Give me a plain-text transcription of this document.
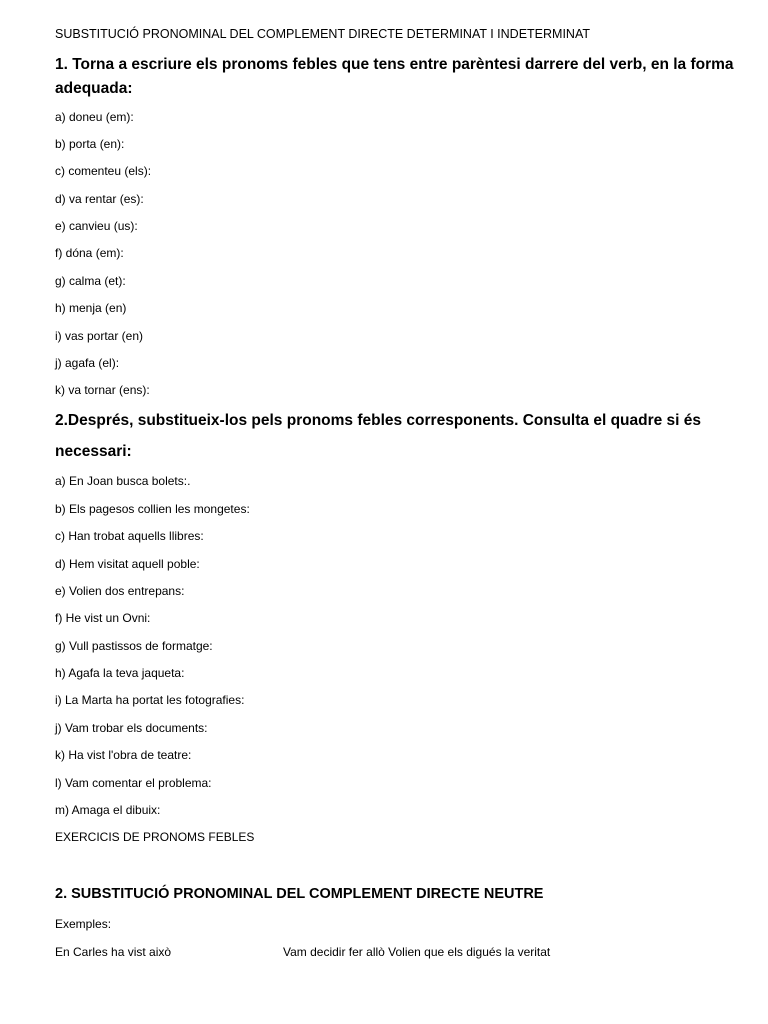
SUBSTITUCIÓ PRONOMINAL DEL COMPLEMENT DIRECTE DETERMINAT I INDETERMINAT
1. Torna a escriure els pronoms febles que tens entre parèntesi darrere del verb, en la forma
adequada:
a) doneu (em):
b) porta (en):
c) comenteu (els):
d) va rentar (es):
e) canvieu (us):
f) dóna (em):
g) calma (et):
h) menja (en)
i) vas portar (en)
j) agafa (el):
k) va tornar (ens):
2.Després, substitueix-los pels pronoms febles corresponents. Consulta el quadre si és
necessari:
a) En Joan busca bolets:.
b) Els pagesos collien les mongetes:
c) Han trobat aquells llibres:
d) Hem visitat aquell poble:
e) Volien dos entrepans:
f) He vist un Ovni:
g) Vull pastissos de formatge:
h) Agafa la teva jaqueta:
i) La Marta ha portat les fotografies:
j) Vam trobar els documents:
k) Ha vist l'obra de teatre:
l) Vam comentar el problema:
m) Amaga el dibuix:
EXERCICIS DE PRONOMS FEBLES
2. SUBSTITUCIÓ PRONOMINAL DEL COMPLEMENT DIRECTE NEUTRE
Exemples:
En Carles ha vist això	Vam decidir fer allò Volien que els digués la veritat
